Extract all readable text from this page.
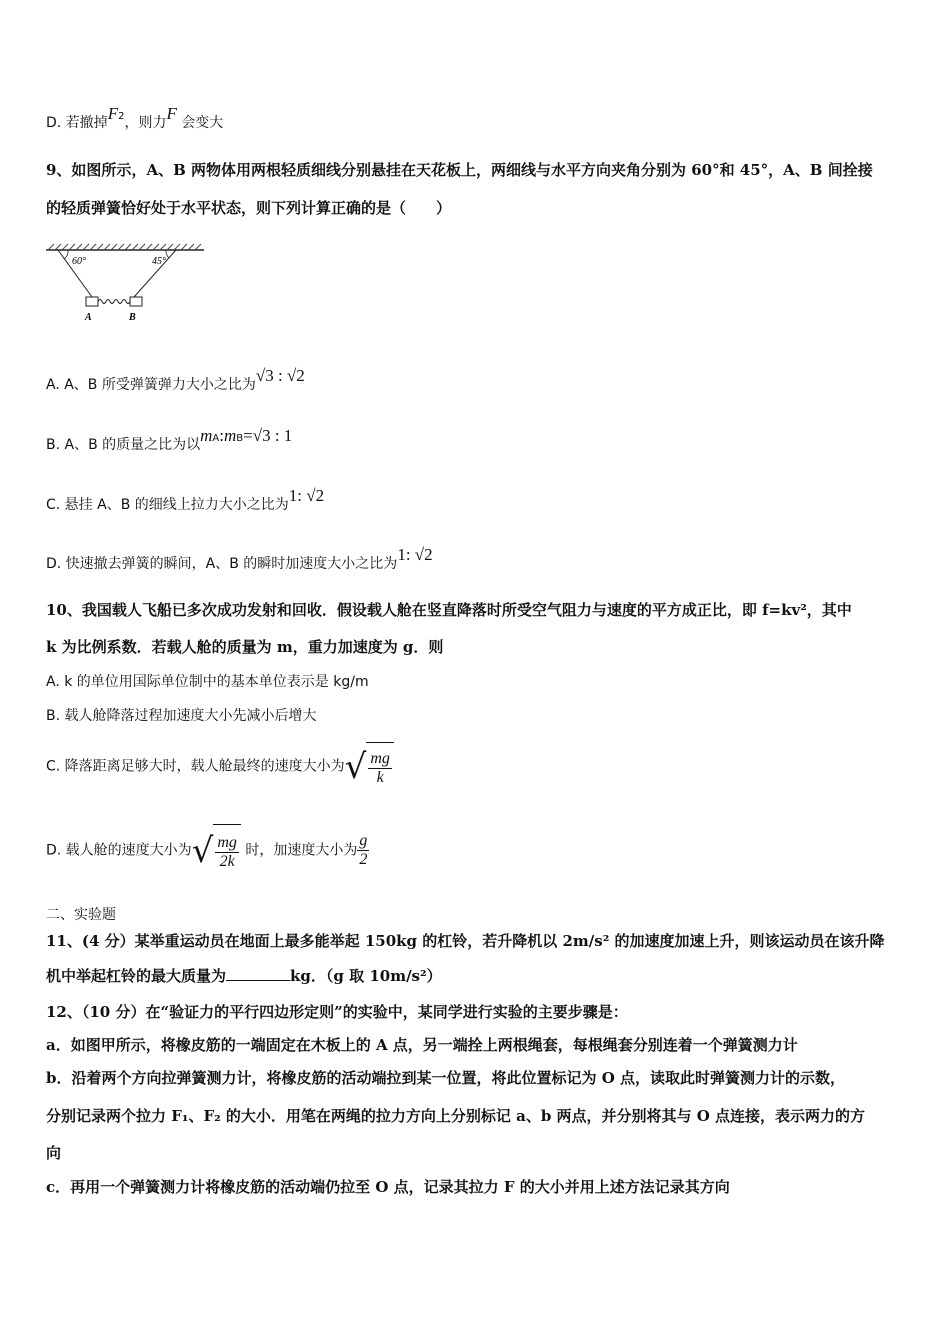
D. 若撤掉$F^2$，则力F 会变大
9、如图所示，A、B 两物体用两根轻质细线分别悬挂在天花板上，两细线与水平方向夹角分别为 60°和 45°，A、B 间拴接
的轻质弹簧恰好处于水平状态，则下列计算正确的是（　　）
60°	45°
A	B
A. A、B 所受弹簧弹力大小之比为√3 : √2
B. A、B 的质量之比为以$m^A:m^B=√3$ : 1
C. 悬挂 A、B 的细线上拉力大小之比为1: √2
D. 快速撤去弹簧的瞬间，A、B 的瞬时加速度大小之比为1: √2
10、我国载人飞船已多次成功发射和回收．假设载人舱在竖直降落时所受空气阻力与速度的平方成正比，即 f=kv²，其中
k 为比例系数．若载人舱的质量为 m，重力加速度为 g．则
A. k 的单位用国际单位制中的基本单位表示是 kg/m
B. 载人舱降落过程加速度大小先减小后增大
C. 降落距离足够大时，载人舱最终的速度大小为 √ $\frac{mg}{k}$
D. 载人舱的速度大小为 √ $\frac{mg}{2k}$ 时，加速度大小为 $\frac{g}{2}$
二、实验题
11、(4 分）某举重运动员在地面上最多能举起 150kg 的杠铃，若升降机以 2m/s² 的加速度加速上升，则该运动员在该升降
机中举起杠铃的最大质量为	kg．（g 取 10m/s²）
12、（10 分）在“验证力的平行四边形定则”的实验中，某同学进行实验的主要步骤是：
a．如图甲所示，将橡皮筋的一端固定在木板上的 A 点，另一端拴上两根绳套，每根绳套分别连着一个弹簧测力计
b．沿着两个方向拉弹簧测力计，将橡皮筋的活动端拉到某一位置，将此位置标记为 O 点，读取此时弹簧测力计的示数，
分别记录两个拉力 F₁、F₂ 的大小．用笔在两绳的拉力方向上分别标记 a、b 两点，并分别将其与 O 点连接，表示两力的方
向
c．再用一个弹簧测力计将橡皮筋的活动端仍拉至 O 点，记录其拉力 F 的大小并用上述方法记录其方向
